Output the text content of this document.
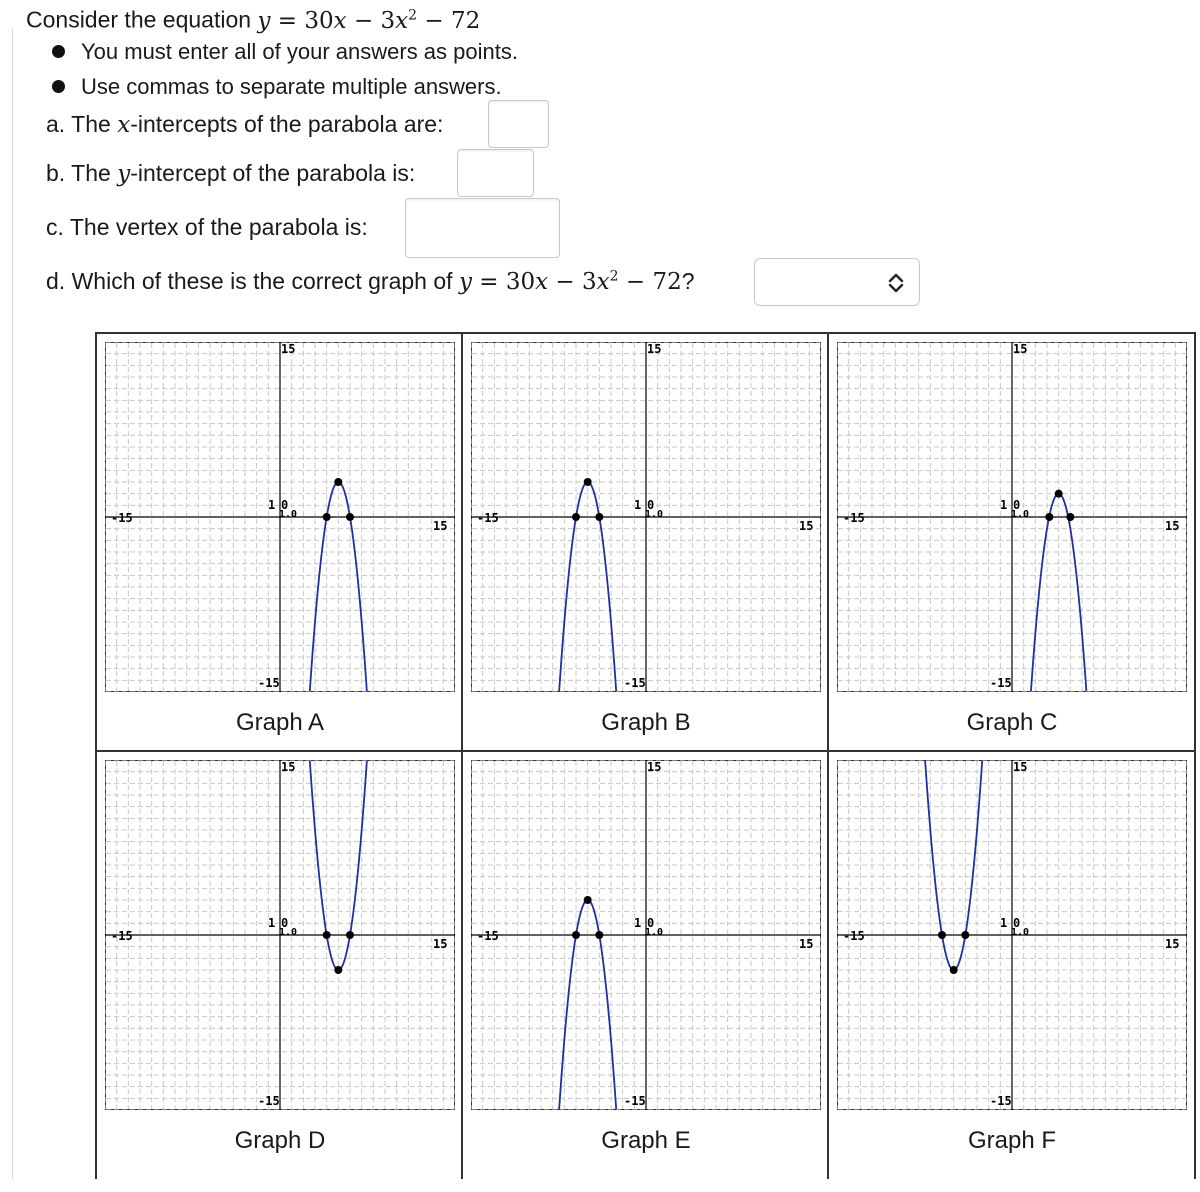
Consider the equation $y = 30x - 3x^2 - 72$
You must enter all of your answers as points.
Use commas to separate multiple answers.
a. The x-intercepts of the parabola are:
b. The y-intercept of the parabola is:
c. The vertex of the parabola is:
d. Which of these is the correct graph of $y = 30x - 3x^2 - 72$?
-15
15
15
-15
1 0
1.0
Graph A
-15
15
15
-15
1 0
1.0
Graph B
-15
15
15
-15
1 0
1.0
Graph C
-15
15
15
-15
1 0
1.0
Graph D
-15
15
15
-15
1 0
1.0
Graph E
-15
15
15
-15
1 0
1.0
Graph F
